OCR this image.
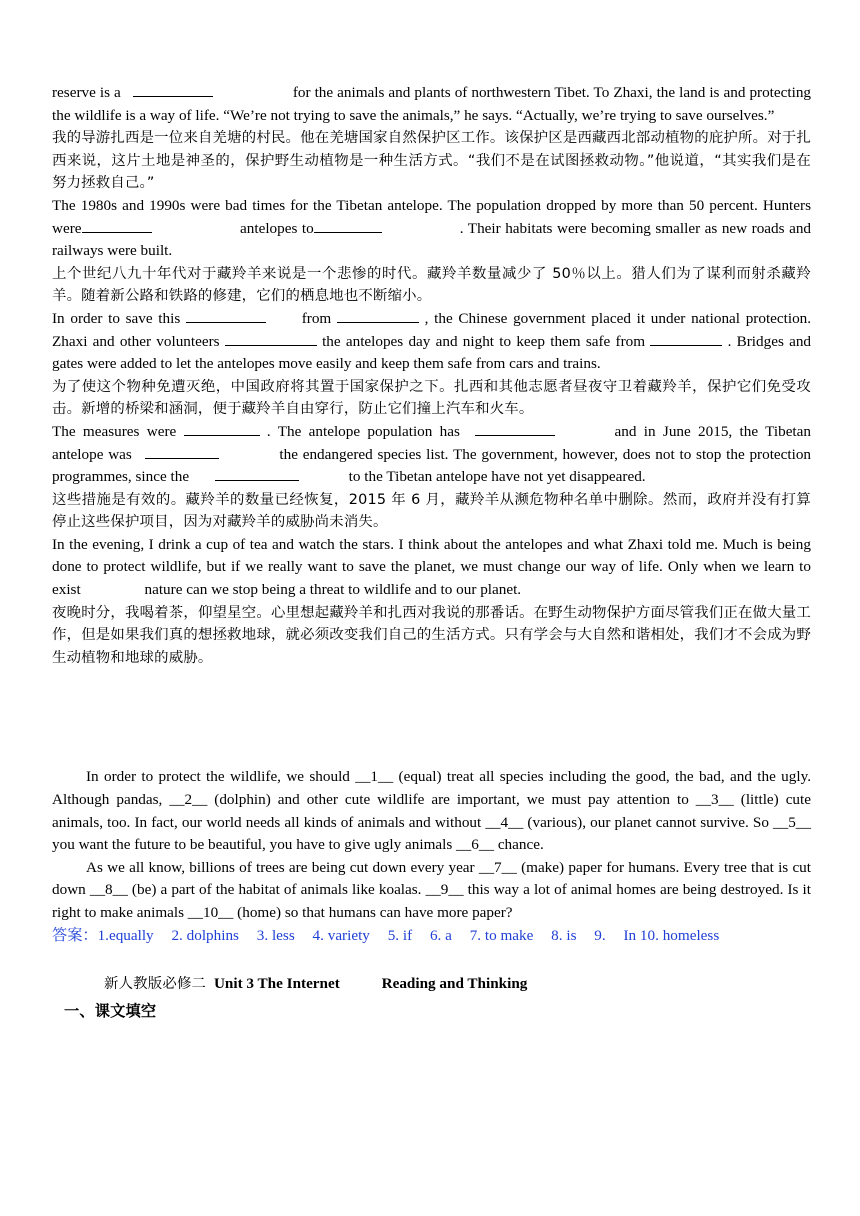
reserve is a	for the animals and plants of northwestern Tibet. To Zhaxi, the land is and protecting the wildlife is a way of life. “We’re not trying to save the animals,” he says. “Actually, we’re trying to save ourselves.”

我的导游扎西是一位来自羌塘的村民。他在羌塘国家自然保护区工作。该保护区是西藏西北部动植物的庇护所。对于扎西来说，这片土地是神圣的，保护野生动植物是一种生活方式。“我们不是在试图拯救动物。”他说道，“其实我们是在努力拯救自己。”

The 1980s and 1990s were bad times for the Tibetan antelope. The population dropped by more than 50 percent. Hunters were	antelopes to	. Their habitats were becoming smaller as new roads and railways were built.

上个世纪八九十年代对于藏羚羊来说是一个悲惨的时代。藏羚羊数量减少了 50％以上。猎人们为了谋利而射杀藏羚羊。随着新公路和铁路的修建，它们的栖息地也不断缩小。

In order to save this	from	, the Chinese government placed it under national protection. Zhaxi and other volunteers	the antelopes day and night to keep them safe from	. Bridges and gates were added to let the antelopes move easily and keep them safe from cars and trains.

为了使这个物种免遭灭绝，中国政府将其置于国家保护之下。扎西和其他志愿者昼夜守卫着藏羚羊，保护它们免受攻击。新增的桥梁和涵洞，便于藏羚羊自由穿行，防止它们撞上汽车和火车。

The measures were	. The antelope population has	and in June 2015, the Tibetan antelope was	the endangered species list. The government, however, does not to stop the protection programmes, since the	to the Tibetan antelope have not yet disappeared.

这些措施是有效的。藏羚羊的数量已经恢复，2015 年 6 月，藏羚羊从濒危物种名单中删除。然而，政府并没有打算停止这些保护项目，因为对藏羚羊的威胁尚未消失。

In the evening, I drink a cup of tea and watch the stars. I think about the antelopes and what Zhaxi told me. Much is being done to protect wildlife, but if we really want to save the planet, we must change our way of life. Only when we learn to exist	nature can we stop being a threat to wildlife and to our planet.

夜晚时分，我喝着茶，仰望星空。心里想起藏羚羊和扎西对我说的那番话。在野生动物保护方面尽管我们正在做大量工作，但是如果我们真的想拯救地球，就必须改变我们自己的生活方式。只有学会与大自然和谐相处，我们才不会成为野生动植物和地球的威胁。

In order to protect the wildlife, we should __1__ (equal) treat all species including the good, the bad, and the ugly. Although pandas, __2__ (dolphin) and other cute wildlife are important, we must pay attention to __3__ (little) cute animals, too. In fact, our world needs all kinds of animals and without __4__ (various), our planet cannot survive. So __5__ you want the future to be beautiful, you have to give ugly animals __6__ chance.

As we all know, billions of trees are being cut down every year __7__ (make) paper for humans. Every tree that is cut down __8__ (be) a part of the habitat of animals like koalas. __9__ this way a lot of animal homes are being destroyed. Is it right to make animals __10__ (home) so that humans can have more paper?

答案：1.equally 2. dolphins 3. less 4. variety 5. if 6. a 7. to make 8. is 9. In 10. homeless

新人教版必修二 Unit 3 The Internet	Reading and Thinking

一、课文填空
